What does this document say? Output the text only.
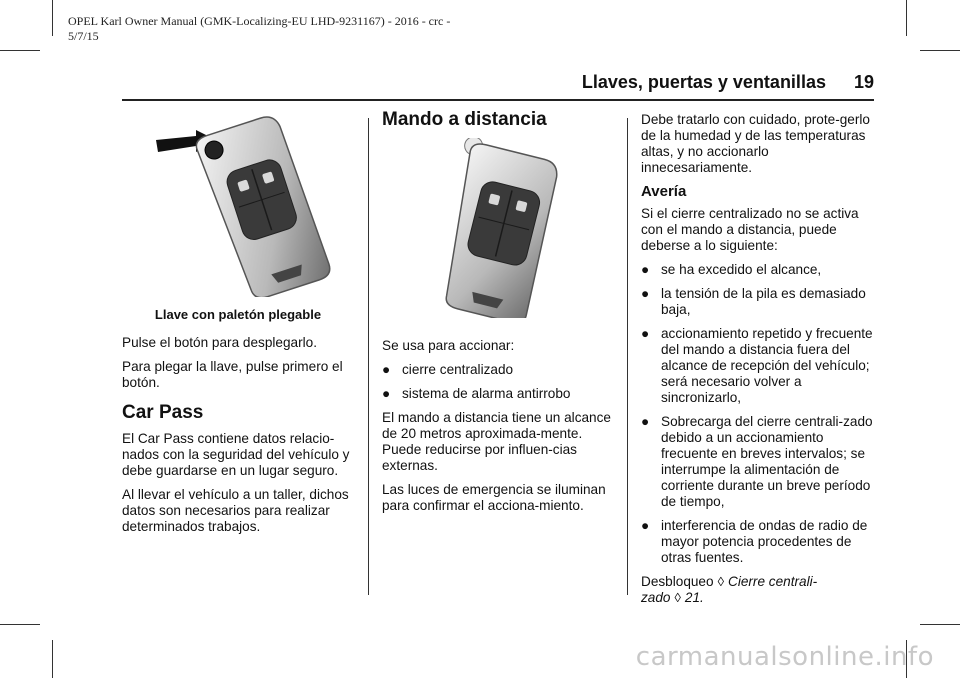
OPEL Karl Owner Manual (GMK-Localizing-EU LHD-9231167) - 2016 - crc -
5/7/15
Llaves, puertas y ventanillas 19
Llave con paletón plegable

Pulse el botón para desplegarlo.

Para plegar la llave, pulse primero el botón.

Car Pass

El Car Pass contiene datos relacio-nados con la seguridad del vehículo y debe guardarse en un lugar seguro.

Al llevar el vehículo a un taller, dichos datos son necesarios para realizar determinados trabajos.

Mando a distancia

Se usa para accionar:

● cierre centralizado
● sistema de alarma antirrobo

El mando a distancia tiene un alcance de 20 metros aproximada-mente. Puede reducirse por influen-cias externas.

Las luces de emergencia se iluminan para confirmar el acciona-miento.

Debe tratarlo con cuidado, prote-gerlo de la humedad y de las temperaturas altas, y no accionarlo innecesariamente.

Avería

Si el cierre centralizado no se activa con el mando a distancia, puede deberse a lo siguiente:

● se ha excedido el alcance,
● la tensión de la pila es demasiado baja,
● accionamiento repetido y frecuente del mando a distancia fuera del alcance de recepción del vehículo; será necesario volver a sincronizarlo,
● Sobrecarga del cierre centrali-zado debido a un accionamiento frecuente en breves intervalos; se interrumpe la alimentación de corriente durante un breve período de tiempo,
● interferencia de ondas de radio de mayor potencia procedentes de otras fuentes.

Desbloqueo ◊ Cierre centrali-zado ◊ 21.

carmanualsonline.info
